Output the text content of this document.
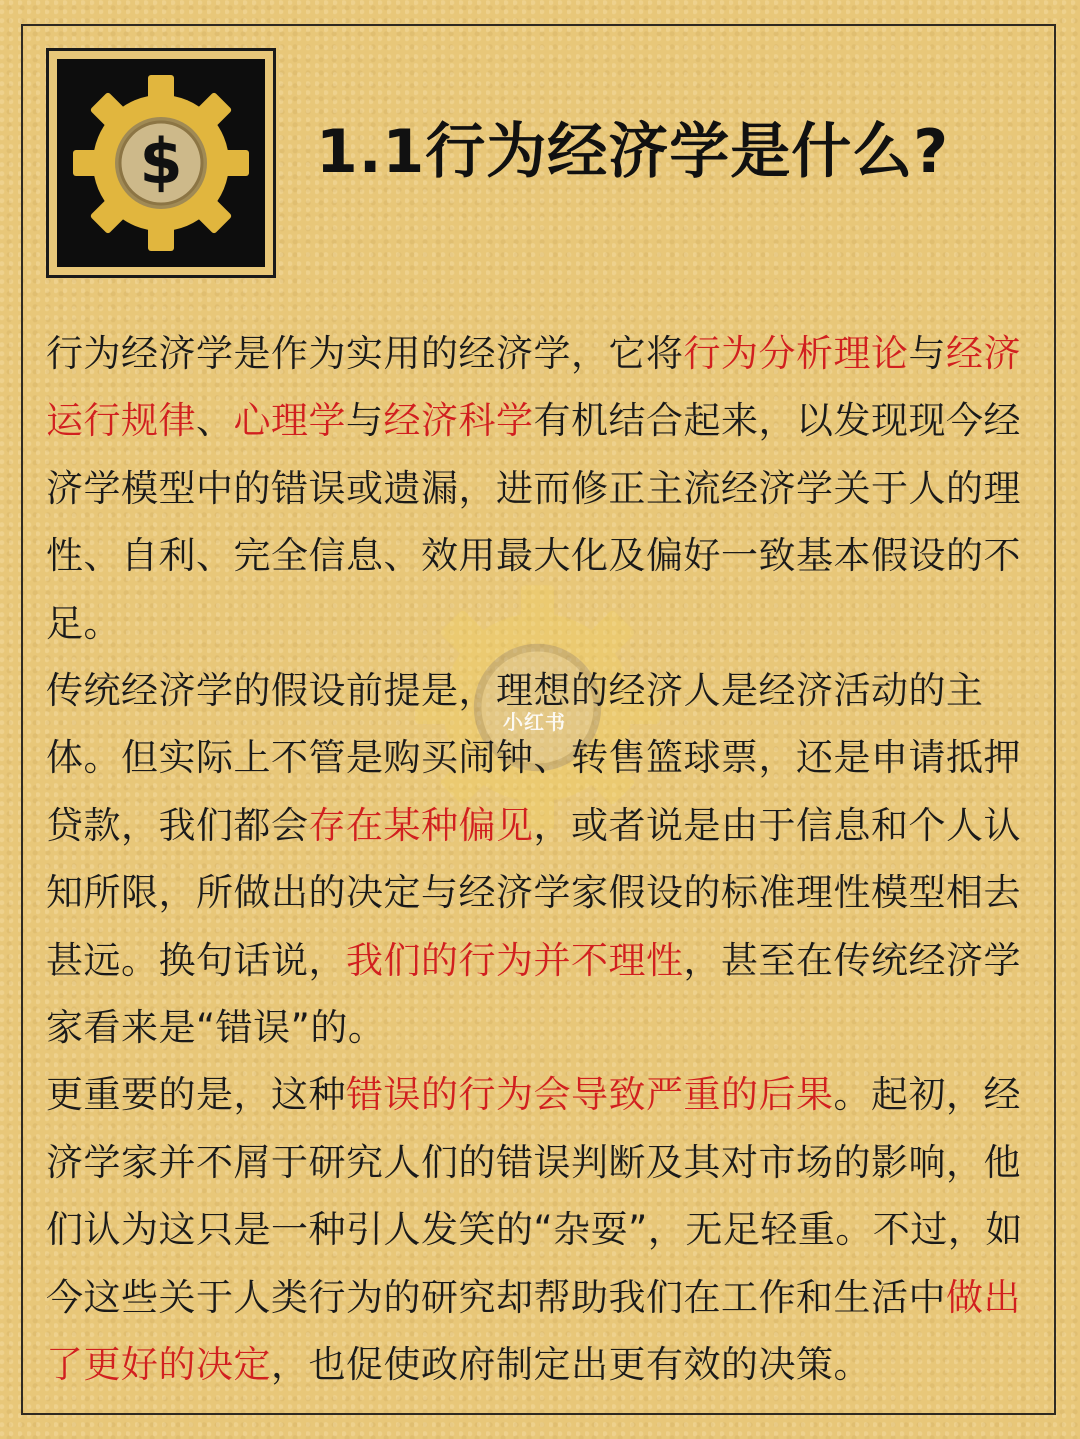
$ 1.1行为经济学是什么?
小红书

行为经济学是作为实用的经济学，它将行为分析理论与经济运行规律、心理学与经济科学有机结合起来，以发现现今经济学模型中的错误或遗漏，进而修正主流经济学关于人的理性、自利、完全信息、效用最大化及偏好一致基本假设的不足。

传统经济学的假设前提是，理想的经济人是经济活动的主体。但实际上不管是购买闹钟、转售篮球票，还是申请抵押贷款，我们都会存在某种偏见，或者说是由于信息和个人认知所限，所做出的决定与经济学家假设的标准理性模型相去甚远。换句话说，我们的行为并不理性，甚至在传统经济学家看来是“错误”的。

更重要的是，这种错误的行为会导致严重的后果。起初，经济学家并不屑于研究人们的错误判断及其对市场的影响，他们认为这只是一种引人发笑的“杂耍”，无足轻重。不过，如今这些关于人类行为的研究却帮助我们在工作和生活中做出了更好的决定，也促使政府制定出更有效的决策。
